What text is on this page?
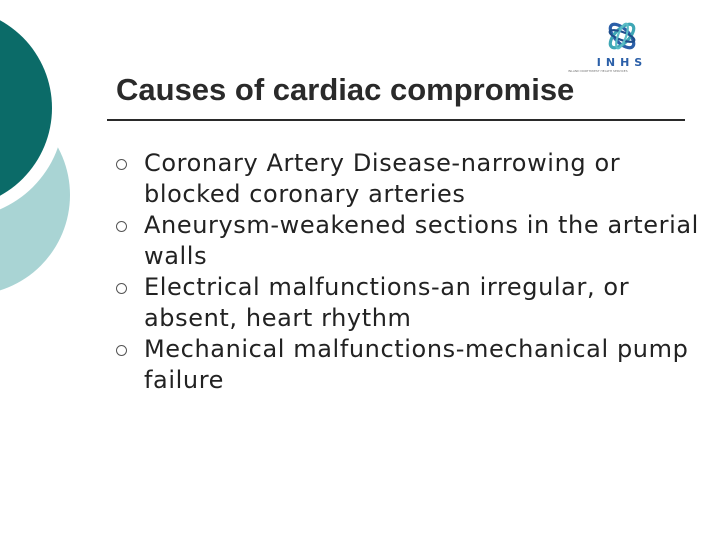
INHS
INLAND NORTHWEST HEALTH SERVICES
Causes of cardiac compromise
Coronary Artery Disease-narrowing or blocked coronary arteries
Aneurysm-weakened sections in the arterial walls
Electrical malfunctions-an irregular, or absent, heart rhythm
Mechanical malfunctions-mechanical pump failure
